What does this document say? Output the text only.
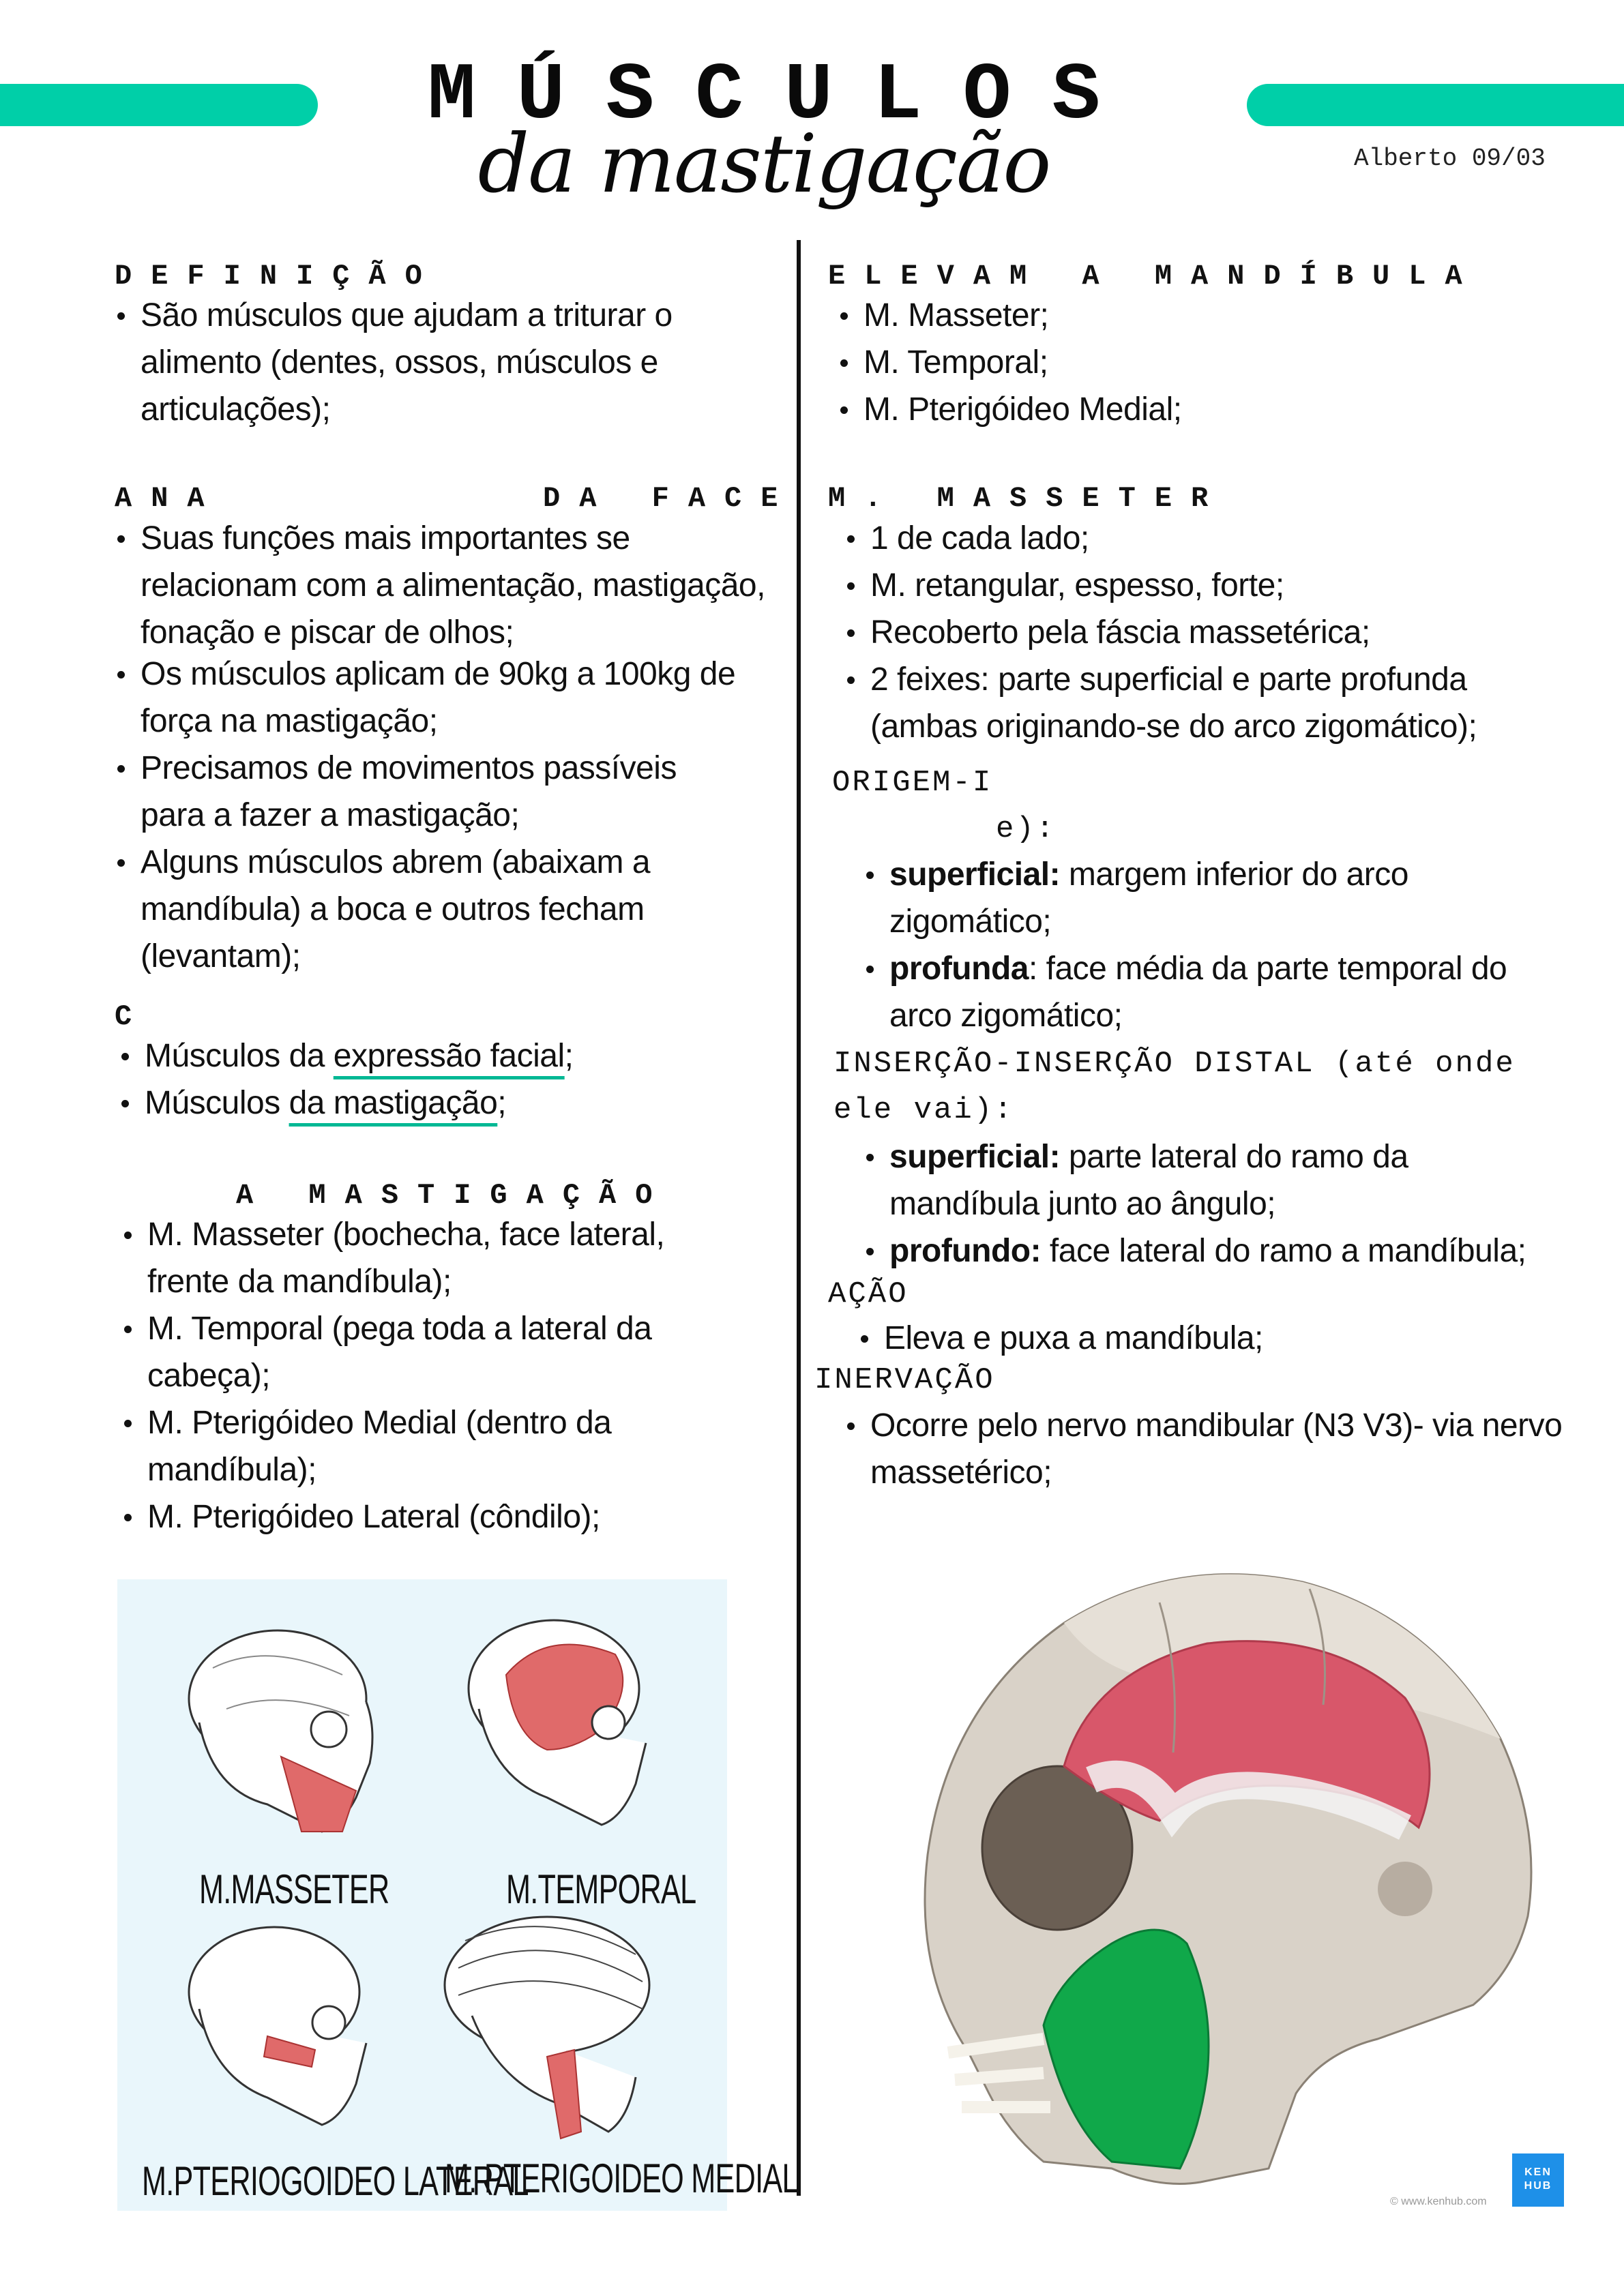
MÚSCULOS
da mastigação	Alberto 09/03
DEFINIÇÃO
São músculos que ajudam a triturar o
alimento (dentes, ossos, músculos e
articulações);
ANA	DA FACE
Suas funções mais importantes se
relacionam com a alimentação, mastigação,
fonação e piscar de olhos;
Os músculos aplicam de 90kg a 100kg de
força na mastigação;
Precisamos de movimentos passíveis
para a fazer a mastigação;
Alguns músculos abrem (abaixam a
mandíbula) a boca e outros fecham
(levantam);
C
Músculos da expressão facial;
Músculos da mastigação;
A MASTIGAÇÃO
M. Masseter (bochecha, face lateral,
frente da mandíbula);
M. Temporal (pega toda a lateral da
cabeça);
M. Pterigóideo Medial (dentro da
mandíbula);
M. Pterigóideo Lateral (côndilo);
M.MASSETER	M.TEMPORAL
M.PTERIOGOIDEO LATERAL
M. PTERIGOIDEO MEDIAL
ELEVAM A MANDÍBULA
M. Masseter;
M. Temporal;
M. Pterigóideo Medial;
M. MASSETER
1 de cada lado;
M. retangular, espesso, forte;
Recoberto pela fáscia massetérica;
2 feixes: parte superficial e parte profunda
(ambas originando-se do arco zigomático);
ORIGEM-I
e):
superficial: margem inferior do arco
zigomático;
profunda: face média da parte temporal do
arco zigomático;
INSERÇÃO-INSERÇÃO DISTAL (até onde
ele vai):
superficial: parte lateral do ramo da
mandíbula junto ao ângulo;
profundo: face lateral do ramo a mandíbula;
AÇÃO
Eleva e puxa a mandíbula;
INERVAÇÃO
Ocorre pelo nervo mandibular (N3 V3)- via nervo
massetérico;
KEN HUB
© www.kenhub.com
